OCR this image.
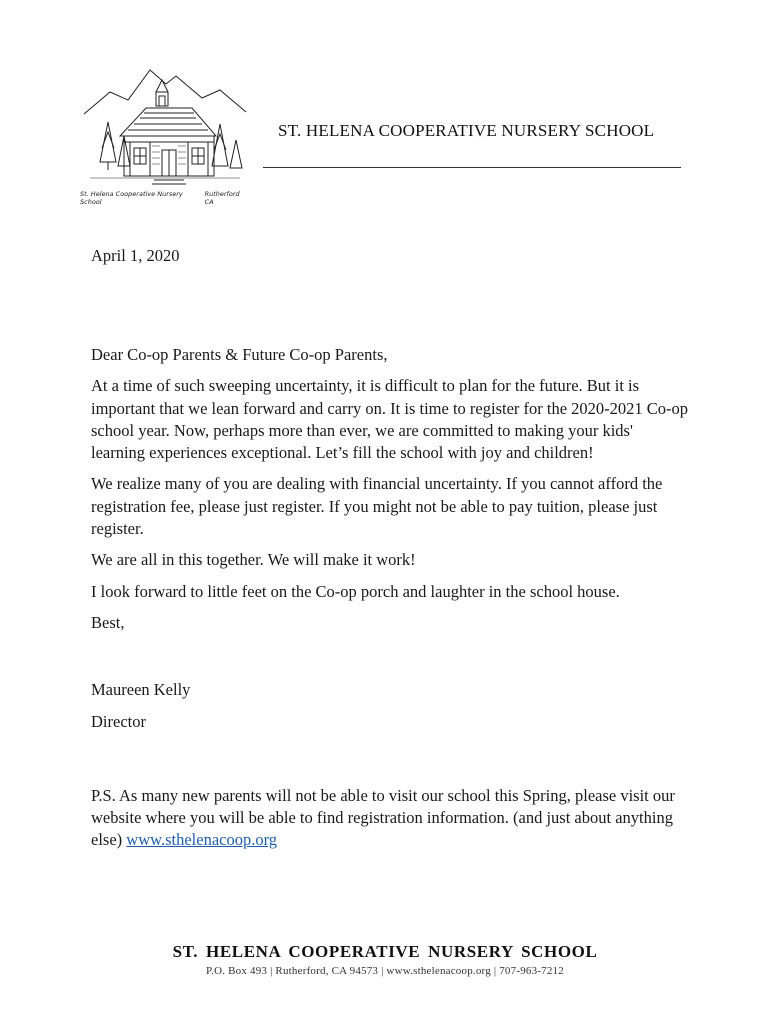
St. Helena Cooperative Nursery School
Rutherford CA
ST. HELENA COOPERATIVE NURSERY SCHOOL
April 1, 2020

Dear Co-op Parents & Future Co-op Parents,

At a time of such sweeping uncertainty, it is difficult to plan for the future. But it is important that we lean forward and carry on. It is time to register for the 2020-2021 Co-op school year. Now, perhaps more than ever, we are committed to making your kids' learning experiences exceptional. Let’s fill the school with joy and children!

We realize many of you are dealing with financial uncertainty. If you cannot afford the registration fee, please just register. If you might not be able to pay tuition, please just register.

We are all in this together. We will make it work!

I look forward to little feet on the Co-op porch and laughter in the school house.

Best,

Maureen Kelly

Director

P.S. As many new parents will not be able to visit our school this Spring, please visit our website where you will be able to find registration information. (and just about anything else) www.sthelenacoop.org

ST. HELENA COOPERATIVE NURSERY SCHOOL
P.O. Box 493 | Rutherford, CA 94573 | www.sthelenacoop.org | 707-963-7212
